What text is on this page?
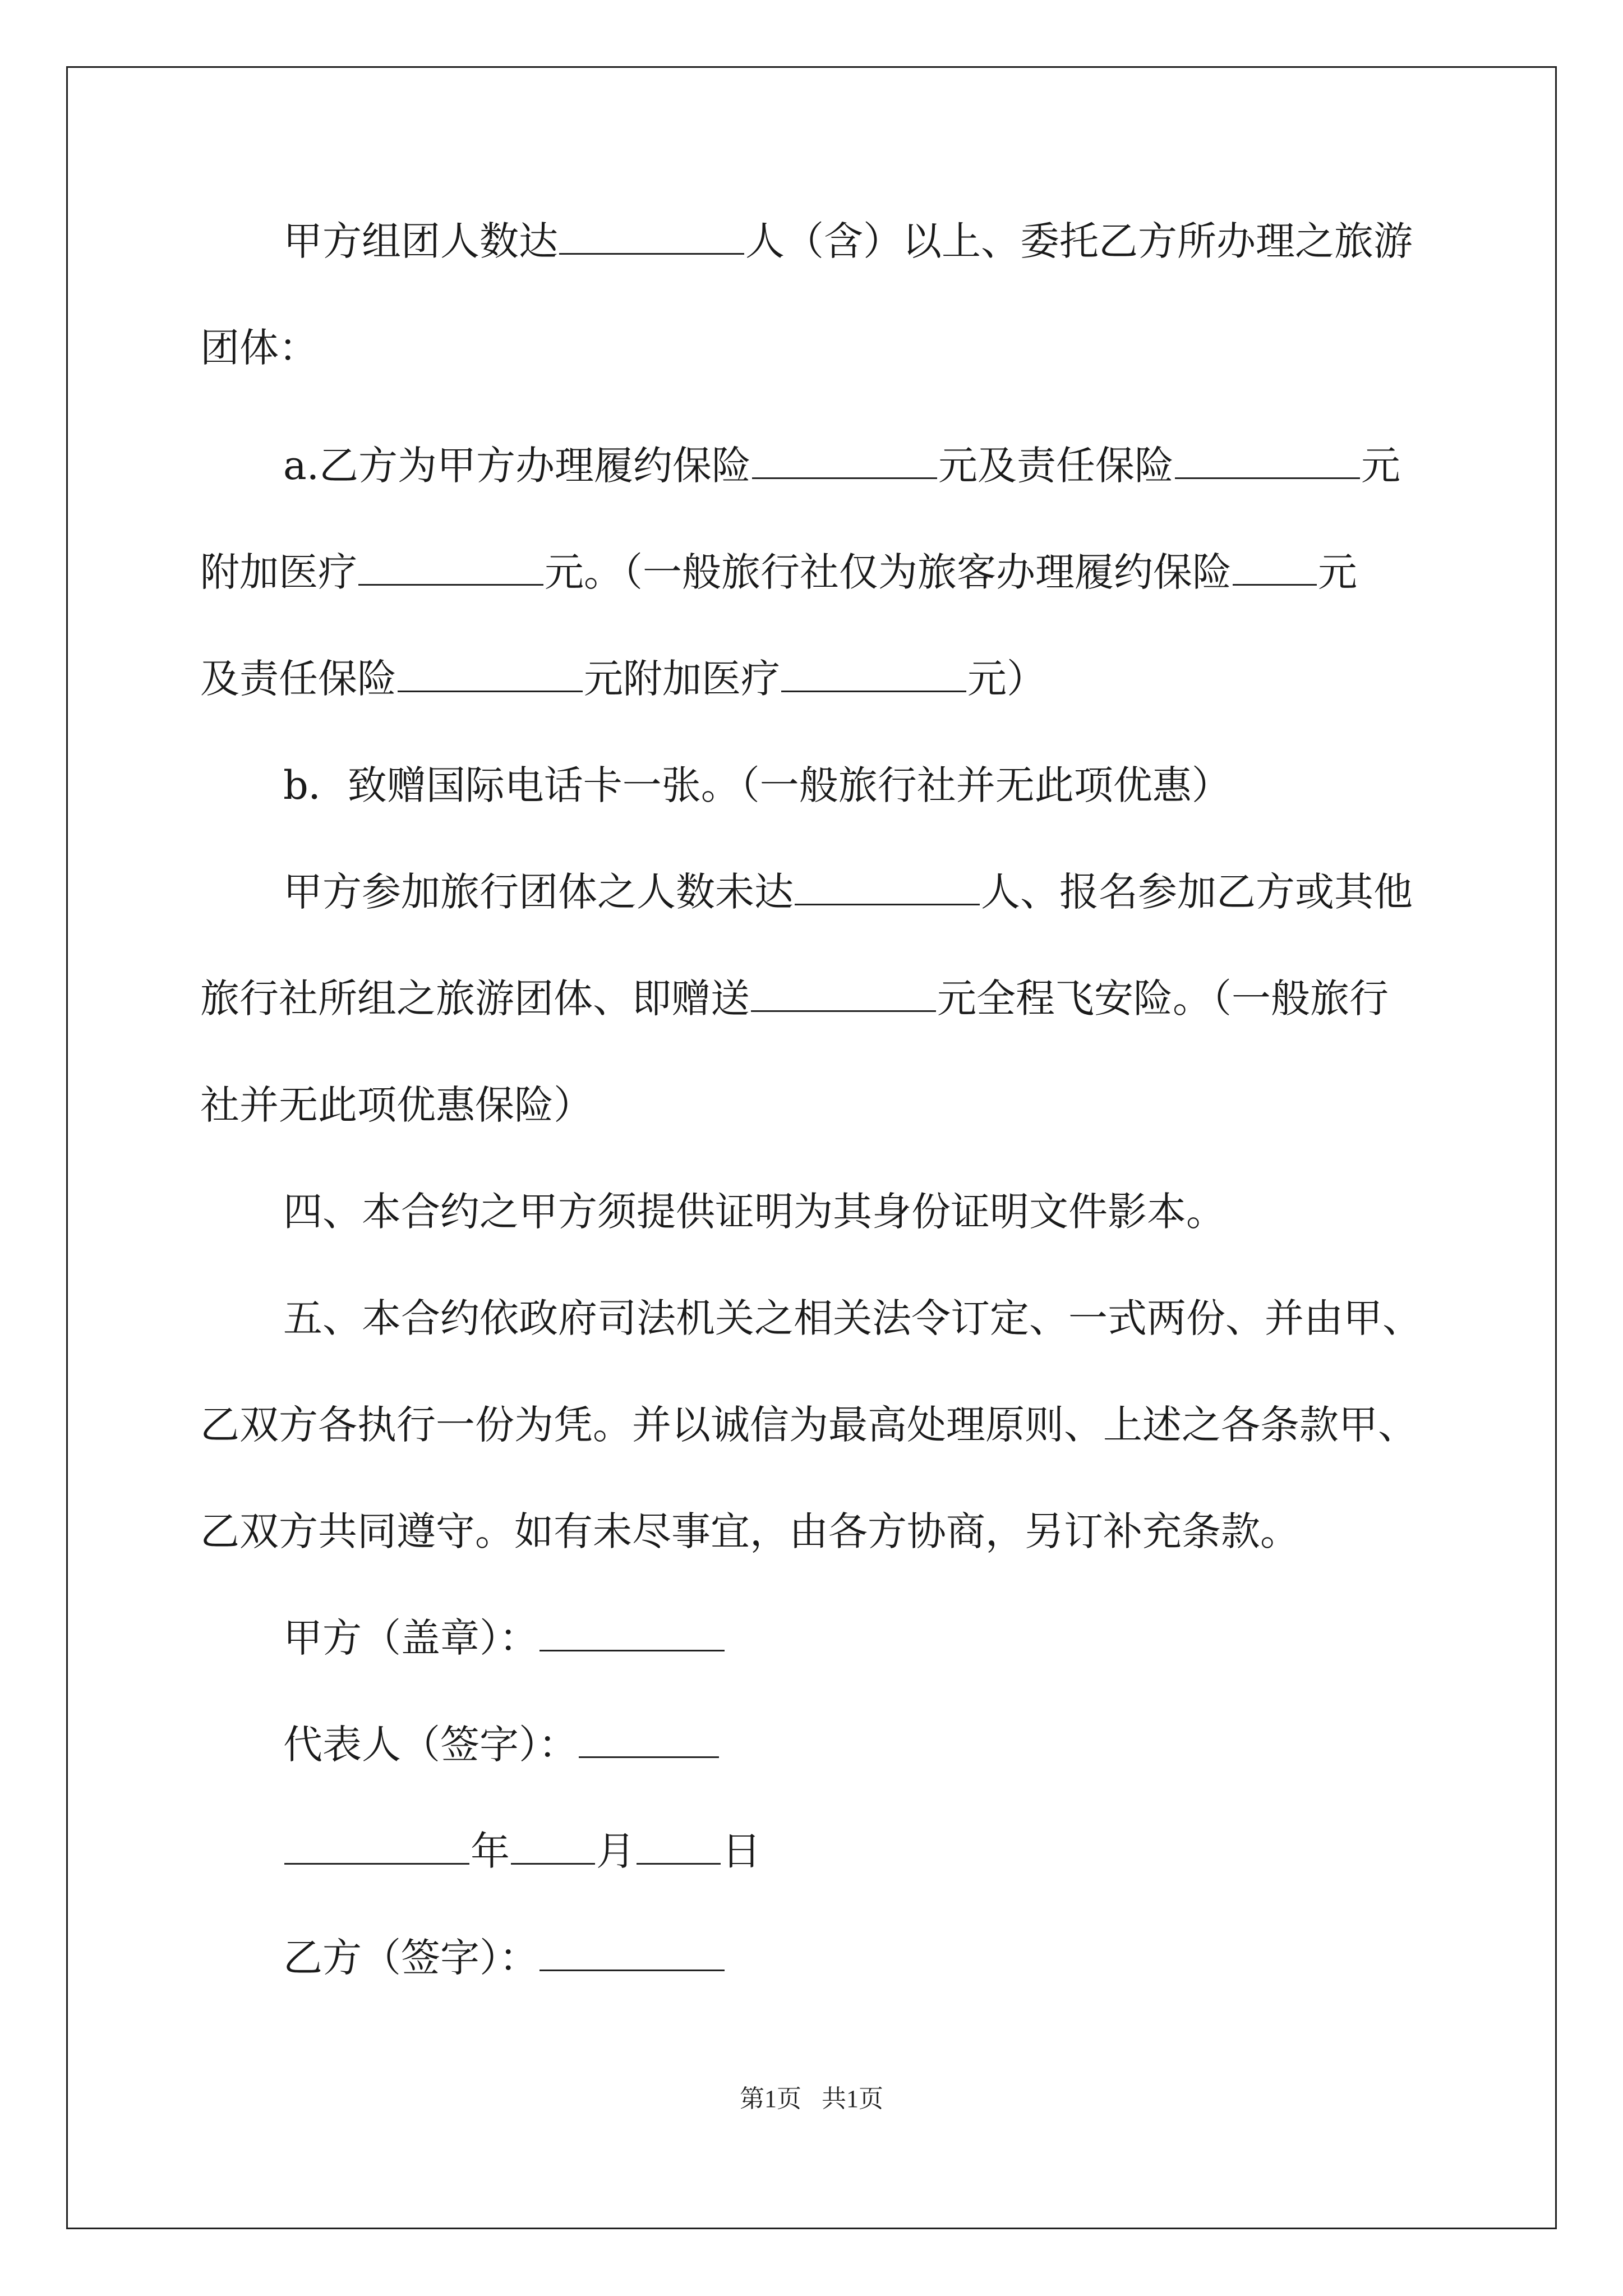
甲方组团人数达	人（含）以上、委托乙方所办理之旅游
团体：
a.乙方为甲方办理履约保险	元及责任保险	元
附加医疗	元。（一般旅行社仅为旅客办理履约保险 元
及责任保险	元附加医疗	元）
b．致赠国际电话卡一张。（一般旅行社并无此项优惠）
甲方参加旅行团体之人数未达	人、报名参加乙方或其他
旅行社所组之旅游团体、即赠送	元全程飞安险。（一般旅行
社并无此项优惠保险）
四、本合约之甲方须提供证明为其身份证明文件影本。
五、本合约依政府司法机关之相关法令订定、一式两份、并由甲、
乙双方各执行一份为凭。并以诚信为最高处理原则、上述之各条款甲、
乙双方共同遵守。如有未尽事宜，由各方协商，另订补充条款。
甲方（盖章）：
代表人（签字）：
年 月 日
乙方（签字）：
第1页 共1页
